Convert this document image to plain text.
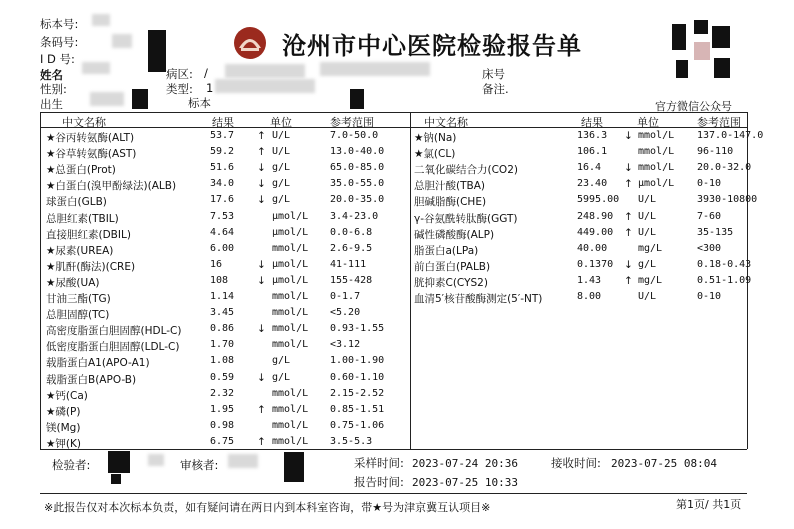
标本号:
条码号:
I D 号:
姓名
性别:
出生
病区: /
类型: 1
标本
床号
备注.
沧州市中心医院检验报告单
官方微信公众号
中文名称	结果	单位	参考范围	中文名称	结果	单位	参考范围
★谷丙转氨酶(ALT)	53.7 ↑ U/L	7.0-50.0
★谷草转氨酶(AST)	59.2 ↑ U/L	13.0-40.0
★总蛋白(Prot)	51.6 ↓ g/L	65.0-85.0
★白蛋白(溴甲酚绿法)(ALB)	34.0 ↓ g/L	35.0-55.0
球蛋白(GLB)	17.6 ↓ g/L	20.0-35.0
总胆红素(TBIL)	7.53	μmol/L 3.4-23.0
直接胆红素(DBIL)	4.64	μmol/L 0.0-6.8
★尿素(UREA)	6.00	mmol/L 2.6-9.5
★肌酐(酶法)(CRE)	16	↓ μmol/L 41-111
★尿酸(UA)	108	↓ μmol/L 155-428
甘油三酯(TG)	1.14	mmol/L 0-1.7
总胆固醇(TC)	3.45	mmol/L <5.20
高密度脂蛋白胆固醇(HDL-C)	0.86 ↓ mmol/L 0.93-1.55
低密度脂蛋白胆固醇(LDL-C)	1.70	mmol/L <3.12
载脂蛋白A1(APO-A1)	1.08	g/L	1.00-1.90
载脂蛋白B(APO-B)	0.59 ↓ g/L	0.60-1.10
★钙(Ca)	2.32	mmol/L 2.15-2.52
★磷(P)	1.95 ↑ mmol/L 0.85-1.51
镁(Mg)	0.98	mmol/L 0.75-1.06
★钾(K)	6.75 ↑ mmol/L 3.5-5.3
★钠(Na)	136.3 ↓ mmol/L 137.0-147.0
★氯(CL)	106.1	mmol/L 96-110
二氧化碳结合力(CO2)	16.4 ↓ mmol/L 20.0-32.0
总胆汁酸(TBA)	23.40 ↑ μmol/L 0-10
胆碱脂酶(CHE)	5995.00 U/L	3930-10800
γ-谷氨酰转肽酶(GGT)	248.90 ↑ U/L	7-60
碱性磷酸酶(ALP)	449.00 ↑ U/L	35-135
脂蛋白a(LPa)	40.00	mg/L	<300
前白蛋白(PALB)	0.1370 ↓ g/L	0.18-0.43
胱抑素C(CYS2)	1.43 ↑ mg/L	0.51-1.09
血清5′核苷酸酶测定(5′-NT)	8.00	U/L	0-10
检验者:	审核者:	采样时间: 2023-07-24 20:36	接收时间: 2023-07-25 08:04
报告时间: 2023-07-25 10:33
※此报告仅对本次标本负责，如有疑问请在两日内到本科室咨询，带★号为津京冀互认项目※	第1页/ 共1页
